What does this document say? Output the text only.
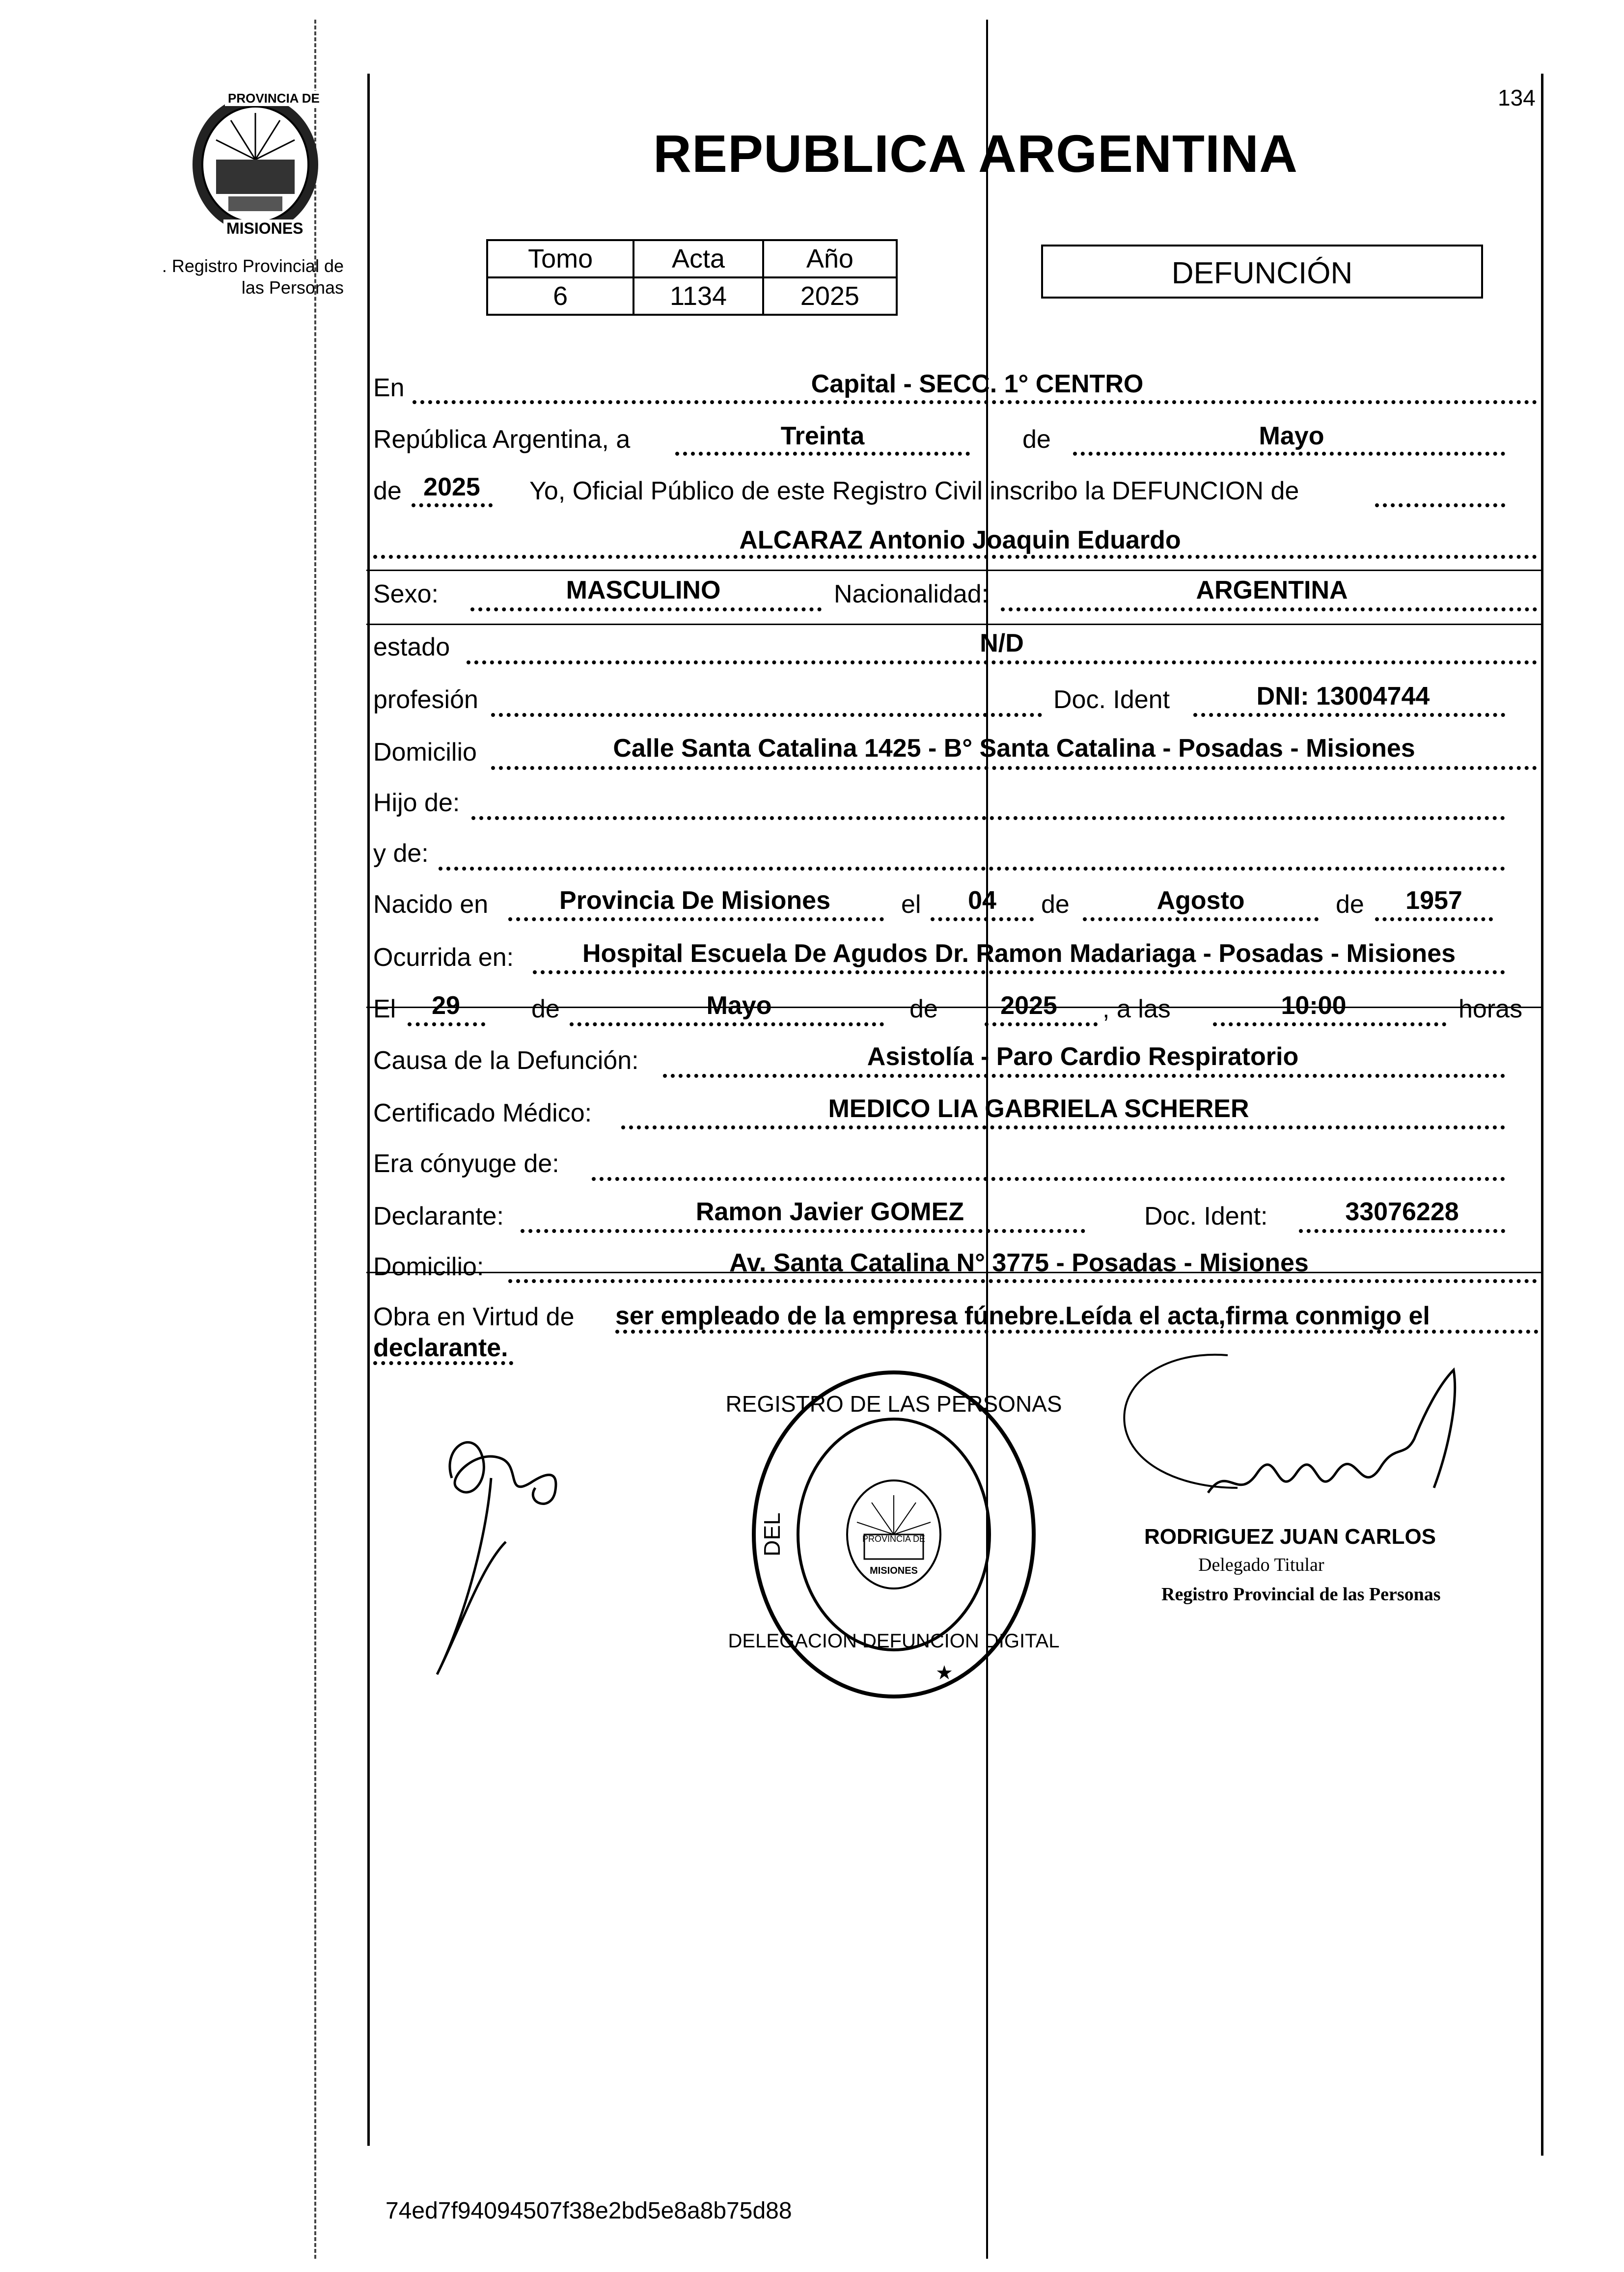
PROVINCIA DE
MISIONES
. Registro Provincial de
las Personas
134
REPUBLICA ARGENTINA
Tomo	Acta	Año
6	1134	2025
DEFUNCIÓN
En	Capital - SECC. 1° CENTRO
República Argentina, a	Treinta	de	Mayo
de 2025 Yo, Oficial Público de este Registro Civil inscribo la DEFUNCION de
ALCARAZ Antonio Joaquin Eduardo
Sexo:	MASCULINO	Nacionalidad:	ARGENTINA
estado	N/D
profesión	Doc. Ident	DNI: 13004744
Domicilio	Calle Santa Catalina 1425 - B° Santa Catalina - Posadas - Misiones
Hijo de:
y de:
Nacido en	Provincia De Misiones	el 04 de	Agosto	de 1957
Ocurrida en:	Hospital Escuela De Agudos Dr. Ramon Madariaga - Posadas - Misiones
El 29	de	Mayo	de 2025 , a las	10:00	horas
Causa de la Defunción:	Asistolía - Paro Cardio Respiratorio
Certificado Médico:	MEDICO LIA GABRIELA SCHERER
Era cónyuge de:
Declarante:	Ramon Javier GOMEZ	Doc. Ident:	33076228
Domicilio:	Av. Santa Catalina N° 3775 - Posadas - Misiones
Obra en Virtud de ser empleado de la empresa fúnebre.Leída el acta,firma conmigo el
declarante.
PROVINCIA DE
MISIONES
REGISTRO DE LAS PERSONAS
DELEGACION DEFUNCION DIGITAL
DEL
★
RODRIGUEZ JUAN CARLOS
Delegado Titular
Registro Provincial de las Personas
74ed7f94094507f38e2bd5e8a8b75d88
